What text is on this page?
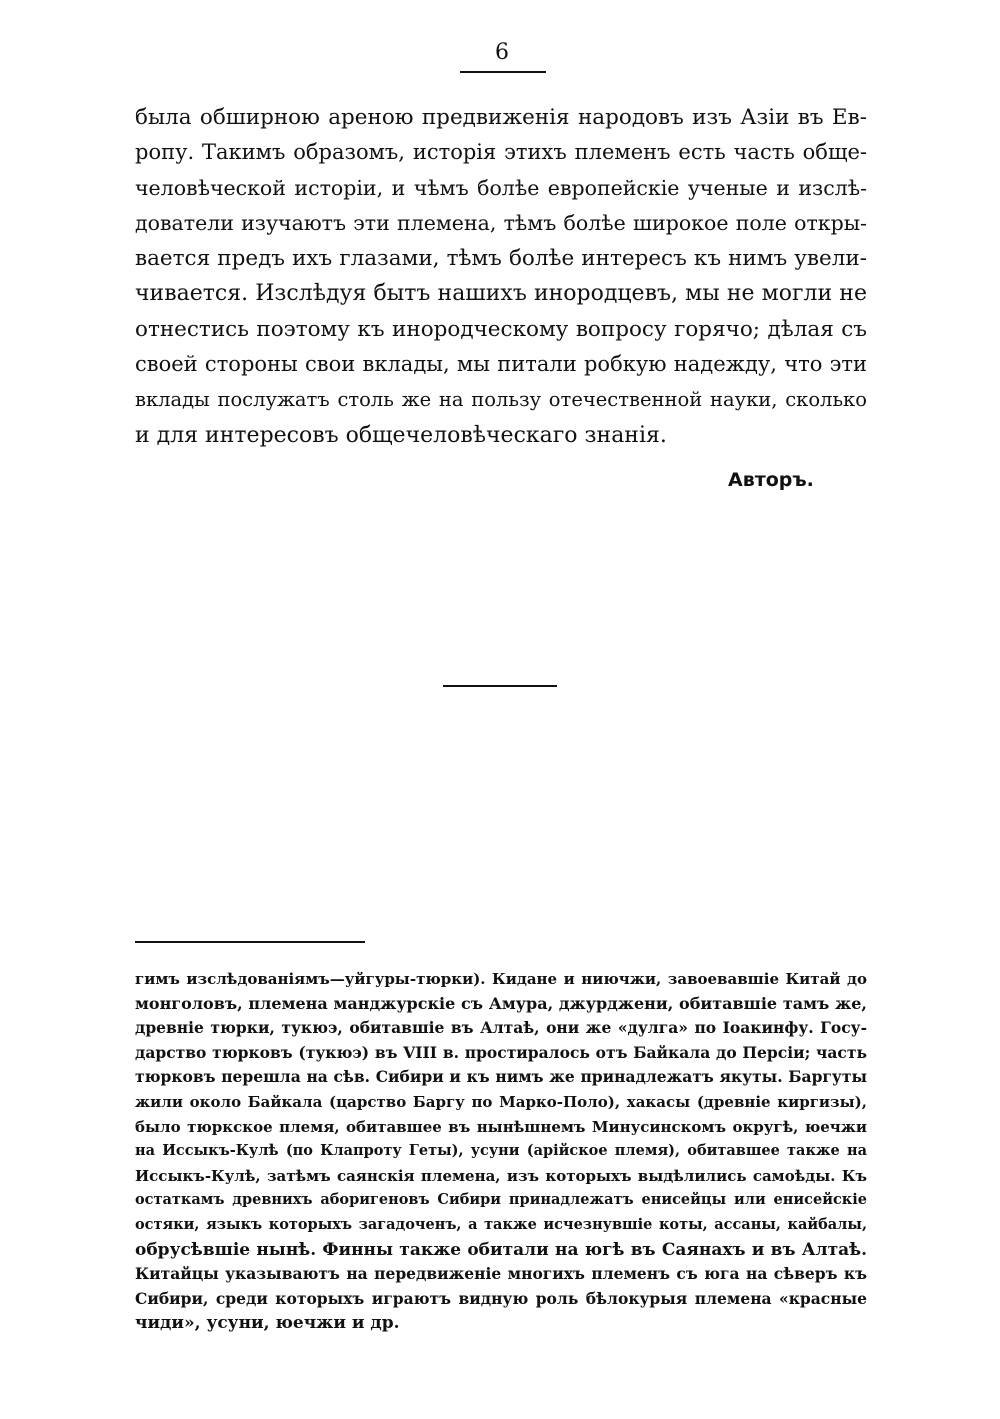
6
была обширною ареною предвиженія народовъ изъ Азіи въ Ев-
ропу. Такимъ образомъ, исторія этихъ племенъ есть часть обще-
человѣческой исторіи, и чѣмъ болѣе европейскіе ученые и изслѣ-
дователи изучаютъ эти племена, тѣмъ болѣе широкое поле откры-
вается предъ ихъ глазами, тѣмъ болѣе интересъ къ нимъ увели-
чивается. Изслѣдуя бытъ нашихъ инородцевъ, мы не могли не
отнестись поэтому къ инородческому вопросу горячо; дѣлая съ
своей стороны свои вклады, мы питали робкую надежду, что эти
вклады послужатъ столь же на пользу отечественной науки, сколько
и для интересовъ общечеловѣческаго знанія.
Авторъ.
гимъ изслѣдованіямъ—уйгуры-тюрки). Кидане и ниючжи, завоевавшіе Китай до
монголовъ, племена манджурскіе съ Амура, джурджени, обитавшіе тамъ же,
древніе тюрки, тукюэ, обитавшіе въ Алтаѣ, они же «дулга» по Іоакинфу. Госу-
дарство тюрковъ (тукюэ) въ VIII в. простиралось отъ Байкала до Персіи; часть
тюрковъ перешла на сѣв. Сибири и къ нимъ же принадлежатъ якуты. Баргуты
жили около Байкала (царство Баргу по Марко-Поло), хакасы (древніе киргизы),
было тюркское племя, обитавшее въ нынѣшнемъ Минусинскомъ округѣ, юечжи
на Иссыкъ-Кулѣ (по Клапроту Геты), усуни (арійское племя), обитавшее также на
Иссыкъ-Кулѣ, затѣмъ саянскія племена, изъ которыхъ выдѣлились самоѣды. Къ
остаткамъ древнихъ аборигеновъ Сибири принадлежатъ енисейцы или енисейскіе
остяки, языкъ которыхъ загадоченъ, а также исчезнувшіе коты, ассаны, кайбалы,
обрусѣвшіе нынѣ. Финны также обитали на югѣ въ Саянахъ и въ Алтаѣ.
Китайцы указываютъ на передвиженіе многихъ племенъ съ юга на сѣверъ къ
Сибири, среди которыхъ играютъ видную роль бѣлокурыя племена «красные
чиди», усуни, юечжи и др.
